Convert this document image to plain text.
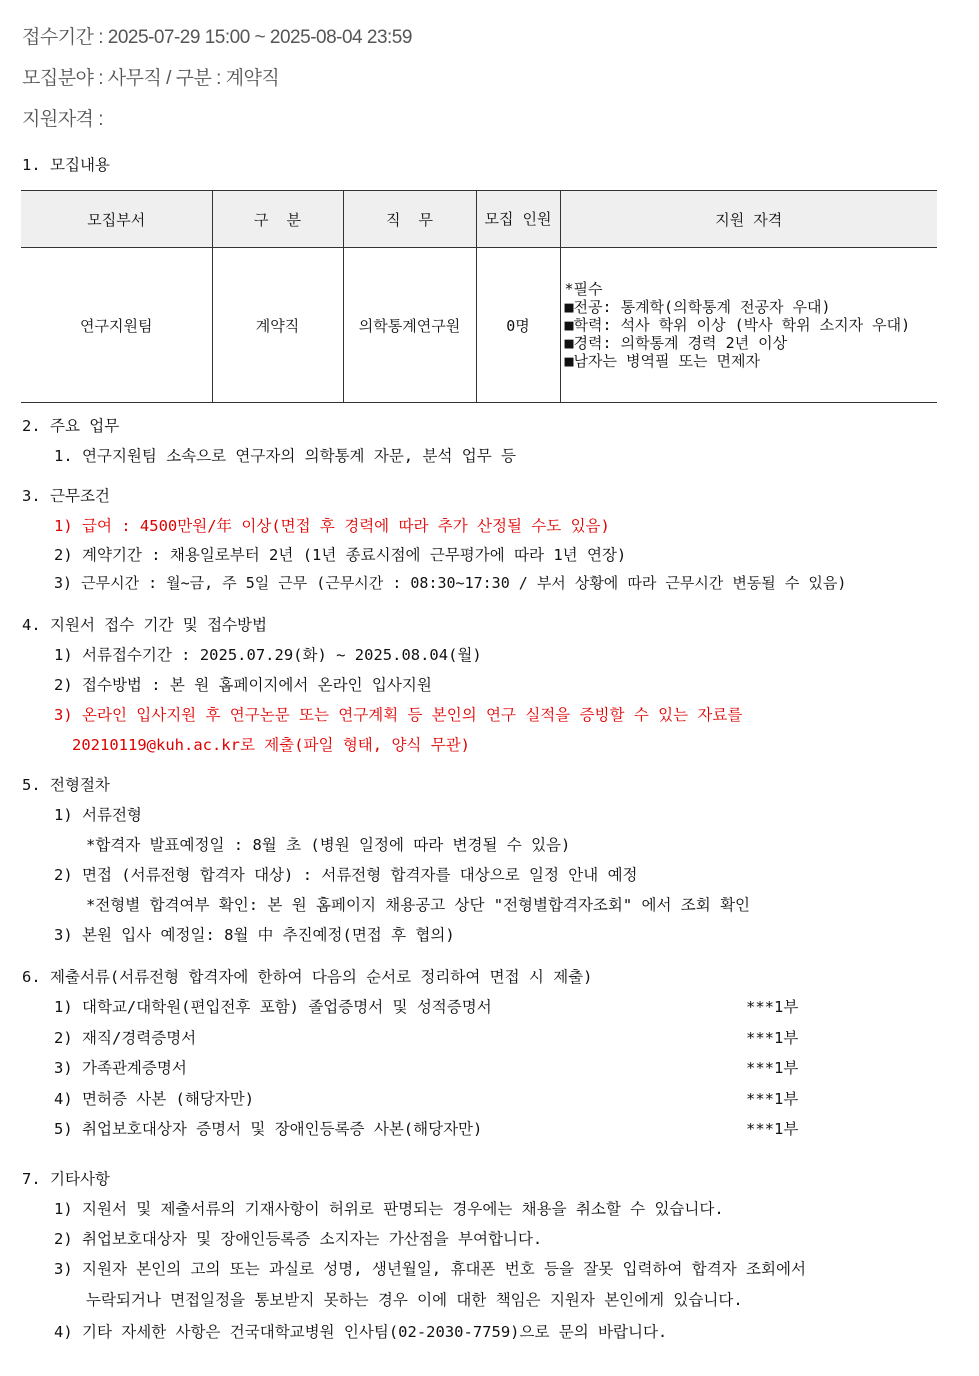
접수기간 : 2025-07-29 15:00 ~ 2025-08-04 23:59
모집분야 : 사무직 / 구분 : 계약직
지원자격 :
1. 모집내용
모집부서	구  분	직  무	모집 인원	지원 자격
연구지원팀	계약직	의학통계연구원	0명	*필수
■전공: 통계학(의학통계 전공자 우대)
■학력: 석사 학위 이상 (박사 학위 소지자 우대)
■경력: 의학통계 경력 2년 이상
■남자는 병역필 또는 면제자
2. 주요 업무
1. 연구지원팀 소속으로 연구자의 의학통계 자문, 분석 업무 등
3. 근무조건
1) 급여 : 4500만원/年 이상(면접 후 경력에 따라 추가 산정될 수도 있음)
2) 계약기간 : 채용일로부터 2년 (1년 종료시점에 근무평가에 따라 1년 연장)
3) 근무시간 : 월~금, 주 5일 근무 (근무시간 : 08:30~17:30 / 부서 상황에 따라 근무시간 변동될 수 있음)
4. 지원서 접수 기간 및 접수방법
1) 서류접수기간 : 2025.07.29(화) ~ 2025.08.04(월)
2) 접수방법 : 본 원 홈페이지에서 온라인 입사지원
3) 온라인 입사지원 후 연구논문 또는 연구계획 등 본인의 연구 실적을 증빙할 수 있는 자료를
20210119@kuh.ac.kr로 제출(파일 형태, 양식 무관)
5. 전형절차
1) 서류전형
*합격자 발표예정일 : 8월 초 (병원 일정에 따라 변경될 수 있음)
2) 면접 (서류전형 합격자 대상) : 서류전형 합격자를 대상으로 일정 안내 예정
*전형별 합격여부 확인: 본 원 홈페이지 채용공고 상단 "전형별합격자조회" 에서 조회 확인
3) 본원 입사 예정일: 8월 中 추진예정(면접 후 협의)
6. 제출서류(서류전형 합격자에 한하여 다음의 순서로 정리하여 면접 시 제출)
1) 대학교/대학원(편입전후 포함) 졸업증명서 및 성적증명서	***1부
2) 재직/경력증명서	***1부
3) 가족관계증명서	***1부
4) 면허증 사본 (해당자만)	***1부
5) 취업보호대상자 증명서 및 장애인등록증 사본(해당자만)	***1부
7. 기타사항
1) 지원서 및 제출서류의 기재사항이 허위로 판명되는 경우에는 채용을 취소할 수 있습니다.
2) 취업보호대상자 및 장애인등록증 소지자는 가산점을 부여합니다.
3) 지원자 본인의 고의 또는 과실로 성명, 생년월일, 휴대폰 번호 등을 잘못 입력하여 합격자 조회에서
누락되거나 면접일정을 통보받지 못하는 경우 이에 대한 책임은 지원자 본인에게 있습니다.
4) 기타 자세한 사항은 건국대학교병원 인사팀(02-2030-7759)으로 문의 바랍니다.
